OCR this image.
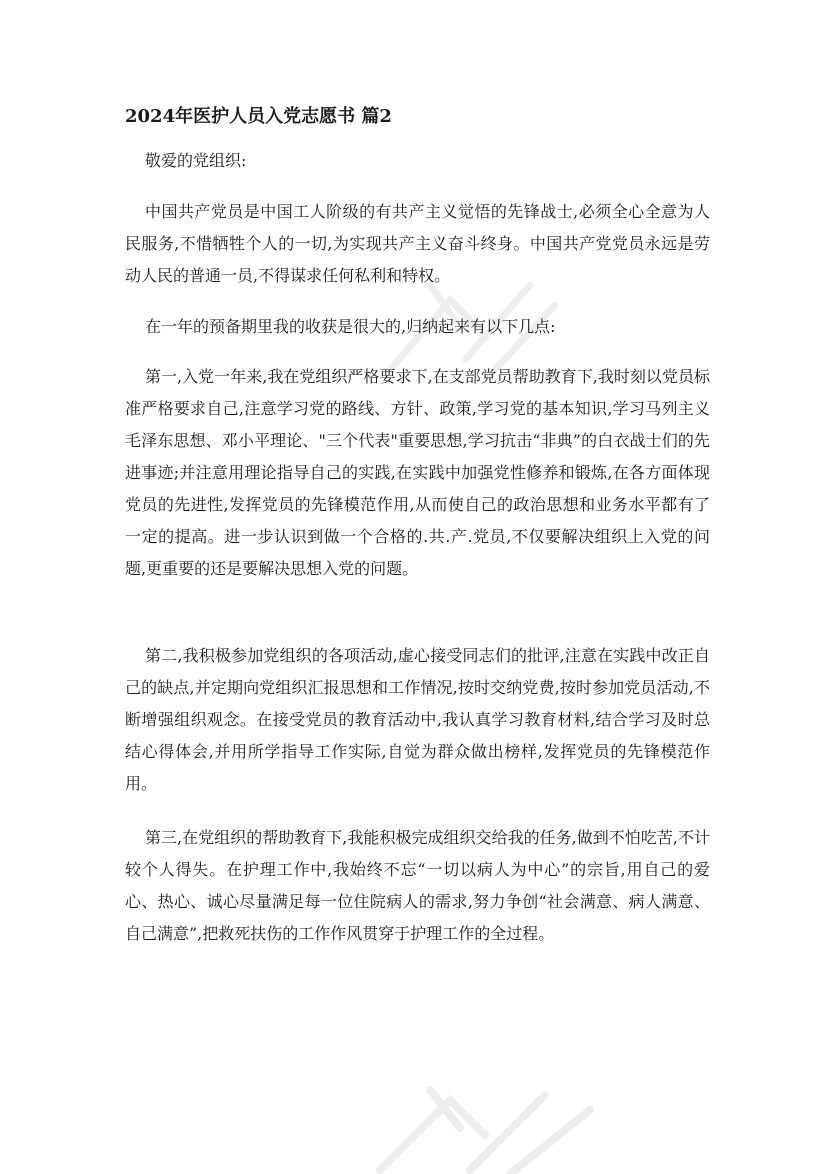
2024年医护人员入党志愿书 篇2

敬爱的党组织:

中国共产党员是中国工人阶级的有共产主义觉悟的先锋战士,必须全心全意为人民服务,不惜牺牲个人的一切,为实现共产主义奋斗终身。中国共产党党员永远是劳动人民的普通一员,不得谋求任何私利和特权。

在一年的预备期里我的收获是很大的,归纳起来有以下几点:

第一,入党一年来,我在党组织严格要求下,在支部党员帮助教育下,我时刻以党员标准严格要求自己,注意学习党的路线、方针、政策,学习党的基本知识,学习马列主义毛泽东思想、邓小平理论、"三个代表"重要思想,学习抗击“非典”的白衣战士们的先进事迹;并注意用理论指导自己的实践,在实践中加强党性修养和锻炼,在各方面体现党员的先进性,发挥党员的先锋模范作用,从而使自己的政治思想和业务水平都有了一定的提高。进一步认识到做一个合格的.共.产.党员,不仅要解决组织上入党的问题,更重要的还是要解决思想入党的问题。

第二,我积极参加党组织的各项活动,虚心接受同志们的批评,注意在实践中改正自己的缺点,并定期向党组织汇报思想和工作情况,按时交纳党费,按时参加党员活动,不断增强组织观念。在接受党员的教育活动中,我认真学习教育材料,结合学习及时总结心得体会,并用所学指导工作实际,自觉为群众做出榜样,发挥党员的先锋模范作用。

第三,在党组织的帮助教育下,我能积极完成组织交给我的任务,做到不怕吃苦,不计较个人得失。在护理工作中,我始终不忘“一切以病人为中心”的宗旨,用自己的爱心、热心、诚心尽量满足每一位住院病人的需求,努力争创“社会满意、病人满意、自己满意”,把救死扶伤的工作作风贯穿于护理工作的全过程。
